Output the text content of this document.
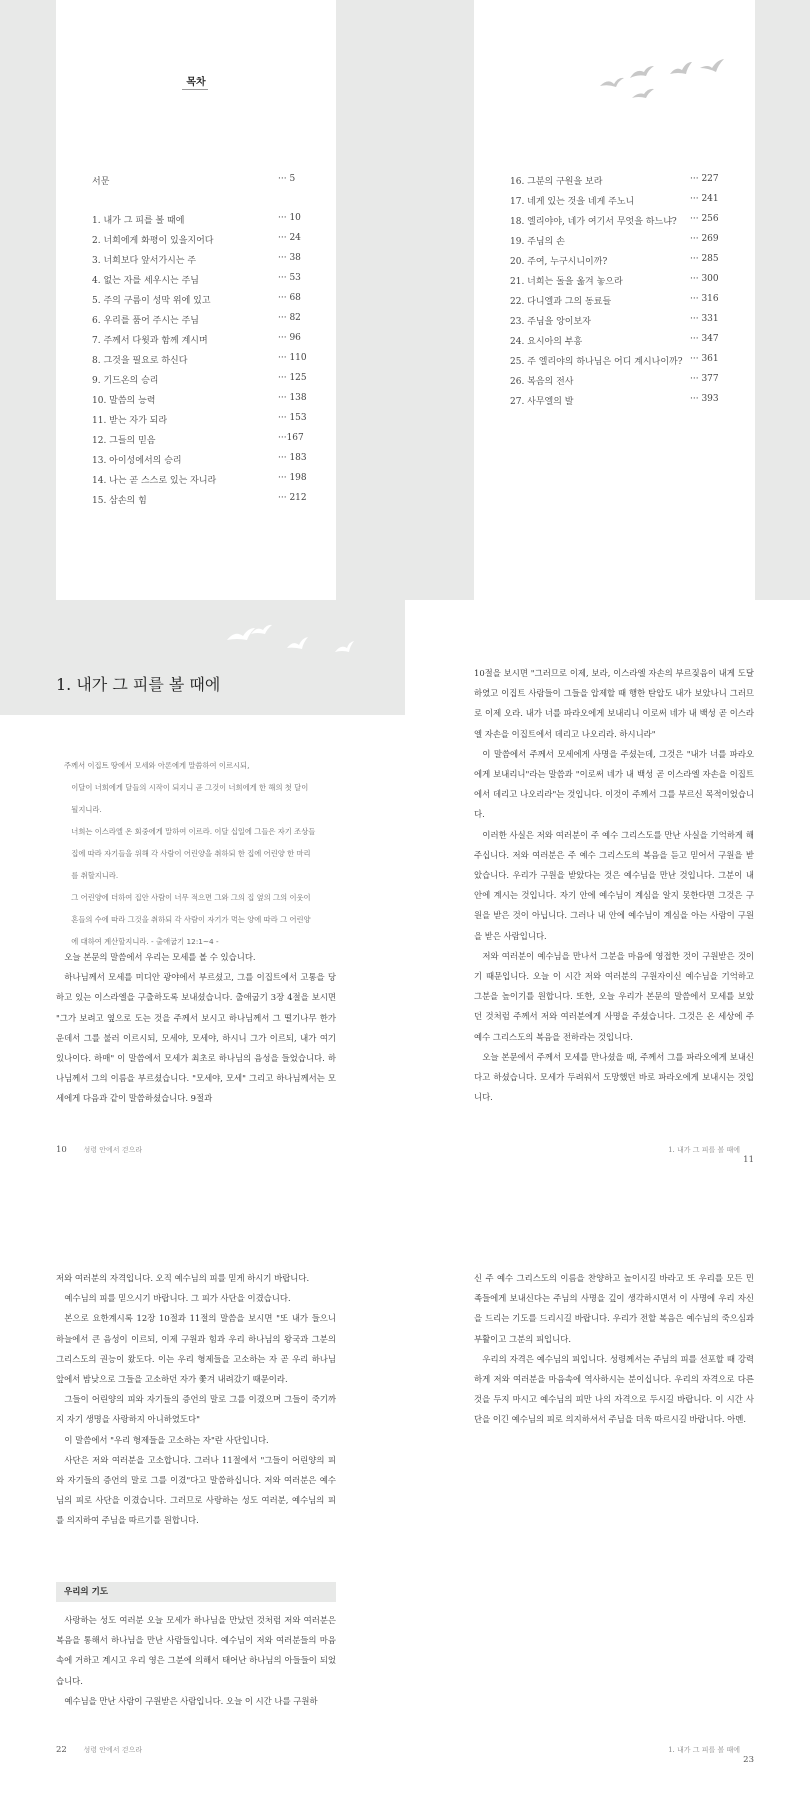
목차
서문	··· 5
1. 내가 그 피를 볼 때에	··· 10
2. 너희에게 화평이 있을지어다	··· 24
3. 너희보다 앞서가시는 주	··· 38
4. 없는 자를 세우시는 주님	··· 53
5. 주의 구름이 성막 위에 있고	··· 68
6. 우리를 품어 주시는 주님	··· 82
7. 주께서 다윗과 함께 계시며	··· 96
8. 그것을 필요로 하신다	··· 110
9. 기드온의 승리	··· 125
10. 말씀의 능력	··· 138
11. 받는 자가 되라	··· 153
12. 그들의 믿음	···167
13. 아이성에서의 승리	··· 183
14. 나는 곧 스스로 있는 자니라	··· 198
15. 삼손의 힘	··· 212
16. 그분의 구원을 보라	··· 227
17. 네게 있는 것을 네게 주노니	··· 241
18. 엘리야야, 네가 여기서 무엇을 하느냐? ··· 256
19. 주님의 손	··· 269
20. 주여, 누구시니이까?	··· 285
21. 너희는 돌을 옮겨 놓으라	··· 300
22. 다니엘과 그의 동료들	··· 316
23. 주님을 앙이보자	··· 331
24. 요시아의 부흥	··· 347
25. 주 엘리야의 하나님은 어디 계시나이까? ··· 361
26. 복음의 전사	··· 377
27. 사무엘의 발	··· 393
1. 내가 그 피를 볼 때에

주께서 이집트 땅에서 모세와 아론에게 말씀하여 이르시되,

이달이 너희에게 달들의 시작이 되지니 곧 그것이 너희에게 한 해의 첫 달이

될지니라.

너희는 이스라엘 온 회중에게 말하여 이르라. 이달 십일에 그들은 자기 조상들

집에 따라 자기들을 위해 각 사람이 어린양을 취하되 한 집에 어린양 한 마리

를 취할지니라.

그 어린양에 더하여 집안 사람이 너무 적으면 그와 그의 집 옆의 그의 이웃이

혼들의 수에 따라 그것을 취하되 각 사람이 자기가 먹는 양에 따라 그 어린양

에 대하여 계산할지니라. - 출애굽기 12:1~4 -

오늘 본문의 말씀에서 우리는 모세를 볼 수 있습니다.

하나님께서 모세를 미디안 광야에서 부르셨고, 그를 이집트에서 고통을 당하고 있는 이스라엘을 구출하도록 보내셨습니다. 출애굽기 3장 4절을 보시면 "그가 보려고 옆으로 도는 것을 주께서 보시고 하나님께서 그 떨기나무 한가운데서 그를 불러 이르시되, 모세야, 모세야, 하시니 그가 이르되, 내가 여기 있나이다. 하매" 이 말씀에서 모세가 최초로 하나님의 음성을 들었습니다. 하나님께서 그의 이름을 부르셨습니다. "모세야, 모세" 그리고 하나님께서는 모세에게 다음과 같이 말씀하셨습니다. 9절과

10절을 보시면 "그러므로 이제, 보라, 이스라엘 자손의 부르짖음이 내게 도달하였고 이집트 사람들이 그들을 압제할 때 행한 탄압도 내가 보았나니 그러므로 이제 오라. 내가 너를 파라오에게 보내리니 이로써 네가 내 백성 곧 이스라엘 자손을 이집트에서 데리고 나오리라. 하시니라"

이 말씀에서 주께서 모세에게 사명을 주셨는데, 그것은 "내가 너를 파라오에게 보내리니"라는 말씀과 "이로써 네가 내 백성 곧 이스라엘 자손을 이집트에서 데리고 나오리라"는 것입니다. 이것이 주께서 그를 부르신 목적이었습니다.

이러한 사실은 저와 여러분이 주 예수 그리스도를 만난 사실을 기억하게 해 주십니다. 저와 여러분은 주 예수 그리스도의 복음을 듣고 믿어서 구원을 받았습니다. 우리가 구원을 받았다는 것은 예수님을 만난 것입니다. 그분이 내 안에 계시는 것입니다. 자기 안에 예수님이 계심을 알지 못한다면 그것은 구원을 받은 것이 아닙니다. 그러나 내 안에 예수님이 계심을 아는 사람이 구원을 받은 사람입니다.

저와 여러분이 예수님을 만나서 그분을 마음에 영접한 것이 구원받은 것이기 때문입니다. 오늘 이 시간 저와 여러분의 구원자이신 예수님을 기억하고 그분을 높이기를 원합니다. 또한, 오늘 우리가 본문의 말씀에서 모세를 보았던 것처럼 주께서 저와 여러분에게 사명을 주셨습니다. 그것은 온 세상에 주 예수 그리스도의 복음을 전하라는 것입니다.

오늘 본문에서 주께서 모세를 만나셨을 때, 주께서 그를 파라오에게 보내신다고 하셨습니다. 모세가 두려워서 도망했던 바로 파라오에게 보내시는 것입니다.

10 성령 안에서 걷으라	1. 내가 그 피를 볼 때에 11

저와 여러분의 자격입니다. 오직 예수님의 피를 믿게 하시기 바랍니다.

예수님의 피를 믿으시기 바랍니다. 그 피가 사단을 이겼습니다.

본으로 요한계시록 12장 10절과 11절의 말씀을 보시면 "또 내가 들으니 하늘에서 큰 음성이 이르되, 이제 구원과 힘과 우리 하나님의 왕국과 그분의 그리스도의 권능이 왔도다. 이는 우리 형제들을 고소하는 자 곧 우리 하나님 앞에서 밤낮으로 그들을 고소하던 자가 쫓겨 내려갔기 때문이라.

그들이 어린양의 피와 자기들의 증언의 말로 그를 이겼으며 그들이 죽기까지 자기 생명을 사랑하지 아니하였도다"

이 말씀에서 "우리 형제들을 고소하는 자"란 사단입니다.

사단은 저와 여러분을 고소합니다. 그러나 11절에서 "그들이 어린양의 피와 자기들의 증언의 말로 그를 이겼"다고 말씀하십니다. 저와 여러분은 예수님의 피로 사단을 이겼습니다. 그러므로 사랑하는 성도 여러분, 예수님의 피를 의지하여 주님을 따르기를 원합니다.

우리의 기도

사랑하는 성도 여러분 오늘 모세가 하나님을 만났던 것처럼 저와 여러분은 복음을 통해서 하나님을 만난 사람들입니다. 예수님이 저와 여러분들의 마음속에 거하고 계시고 우리 영은 그분에 의해서 태어난 하나님의 아들들이 되었습니다.

예수님을 만난 사람이 구원받은 사람입니다. 오늘 이 시간 나를 구원하

신 주 예수 그리스도의 이름을 찬양하고 높이시길 바라고 또 우리를 모든 민족들에게 보내신다는 주님의 사명을 깊이 생각하시면서 이 사명에 우리 자신을 드리는 기도를 드리시길 바랍니다. 우리가 전할 복음은 예수님의 죽으심과 부활이고 그분의 피입니다.

우리의 자격은 예수님의 피입니다. 성령께서는 주님의 피를 선포할 때 강력하게 저와 여러분을 마음속에 역사하시는 분이십니다. 우리의 자격으로 다른 것을 두지 마시고 예수님의 피만 나의 자격으로 두시길 바랍니다. 이 시간 사단을 이긴 예수님의 피로 의지하셔서 주님을 더욱 따르시길 바랍니다. 아멘.

22 성령 안에서 걷으라	1. 내가 그 피를 볼 때에 23
